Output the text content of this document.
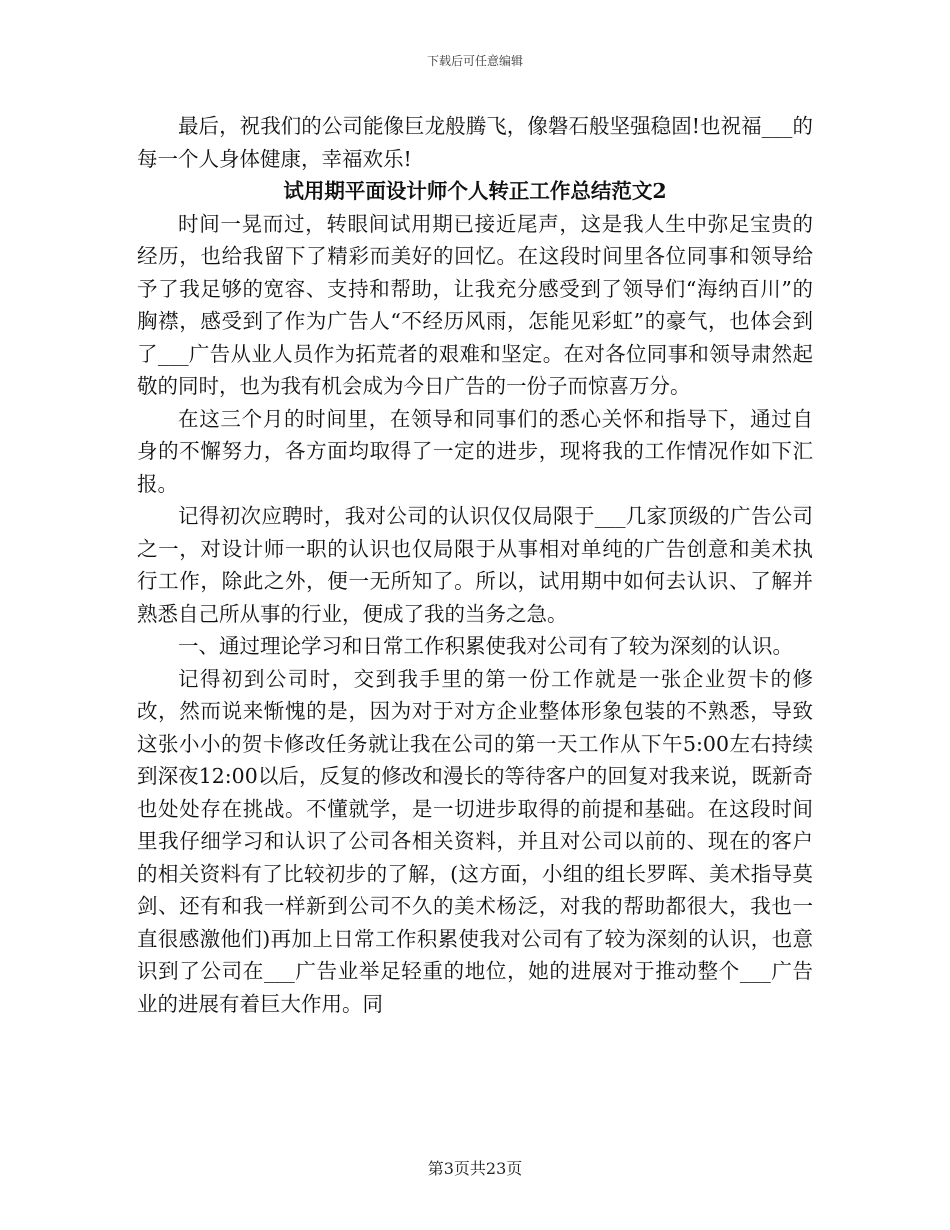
下载后可任意编辑

最后，祝我们的公司能像巨龙般腾飞，像磐石般坚强稳固!也祝福___的每一个人身体健康，幸福欢乐!

试用期平面设计师个人转正工作总结范文2

时间一晃而过，转眼间试用期已接近尾声，这是我人生中弥足宝贵的经历，也给我留下了精彩而美好的回忆。在这段时间里各位同事和领导给予了我足够的宽容、支持和帮助，让我充分感受到了领导们“海纳百川”的胸襟，感受到了作为广告人“不经历风雨，怎能见彩虹”的豪气，也体会到了___广告从业人员作为拓荒者的艰难和坚定。在对各位同事和领导肃然起敬的同时，也为我有机会成为今日广告的一份子而惊喜万分。

在这三个月的时间里，在领导和同事们的悉心关怀和指导下，通过自身的不懈努力，各方面均取得了一定的进步，现将我的工作情况作如下汇报。

记得初次应聘时，我对公司的认识仅仅局限于___几家顶级的广告公司之一，对设计师一职的认识也仅局限于从事相对单纯的广告创意和美术执行工作，除此之外，便一无所知了。所以，试用期中如何去认识、了解并熟悉自己所从事的行业，便成了我的当务之急。

一、通过理论学习和日常工作积累使我对公司有了较为深刻的认识。

记得初到公司时，交到我手里的第一份工作就是一张企业贺卡的修改，然而说来惭愧的是，因为对于对方企业整体形象包装的不熟悉，导致这张小小的贺卡修改任务就让我在公司的第一天工作从下午5:00左右持续到深夜12:00以后，反复的修改和漫长的等待客户的回复对我来说，既新奇也处处存在挑战。不懂就学，是一切进步取得的前提和基础。在这段时间里我仔细学习和认识了公司各相关资料，并且对公司以前的、现在的客户的相关资料有了比较初步的了解，(这方面，小组的组长罗晖、美术指导莫剑、还有和我一样新到公司不久的美术杨泛，对我的帮助都很大，我也一直很感激他们)再加上日常工作积累使我对公司有了较为深刻的认识，也意识到了公司在___广告业举足轻重的地位，她的进展对于推动整个___广告业的进展有着巨大作用。同

第3页共23页
